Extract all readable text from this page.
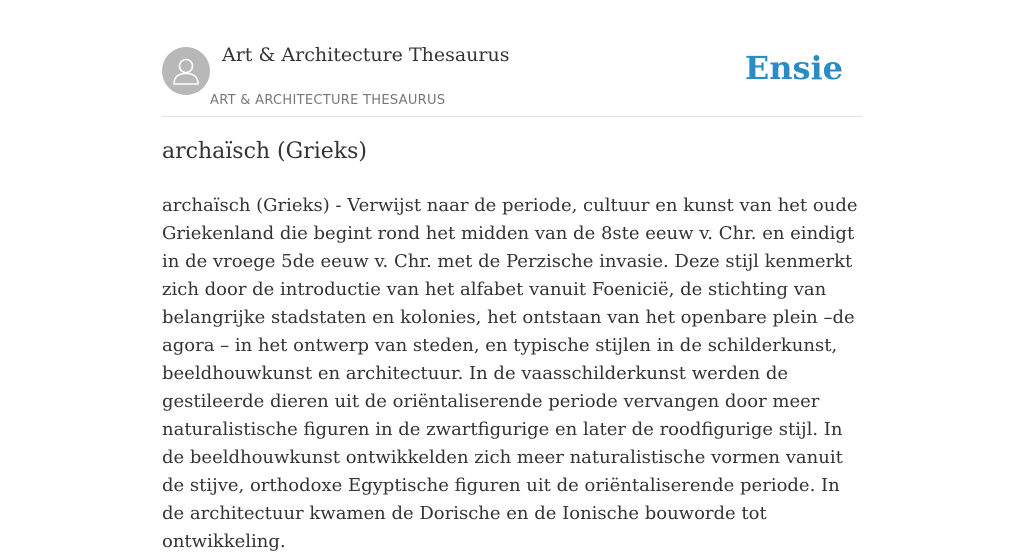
Art & Architecture Thesaurus
ART & ARCHITECTURE THESAURUS
Ensie
archaïsch (Grieks)

archaïsch (Grieks) - Verwijst naar de periode, cultuur en kunst van het oude Griekenland die begint rond het midden van de 8ste eeuw v. Chr. en eindigt in de vroege 5de eeuw v. Chr. met de Perzische invasie. Deze stijl kenmerkt zich door de introductie van het alfabet vanuit Foenicië, de stichting van belangrijke stadstaten en kolonies, het ontstaan van het openbare plein –de agora – in het ontwerp van steden, en typische stijlen in de schilderkunst, beeldhouwkunst en architectuur. In de vaasschilderkunst werden de gestileerde dieren uit de oriëntaliserende periode vervangen door meer naturalistische figuren in de zwartfigurige en later de roodfigurige stijl. In de beeldhouwkunst ontwikkelden zich meer naturalistische vormen vanuit de stijve, orthodoxe Egyptische figuren uit de oriëntaliserende periode. In de architectuur kwamen de Dorische en de Ionische bouworde tot ontwikkeling.
